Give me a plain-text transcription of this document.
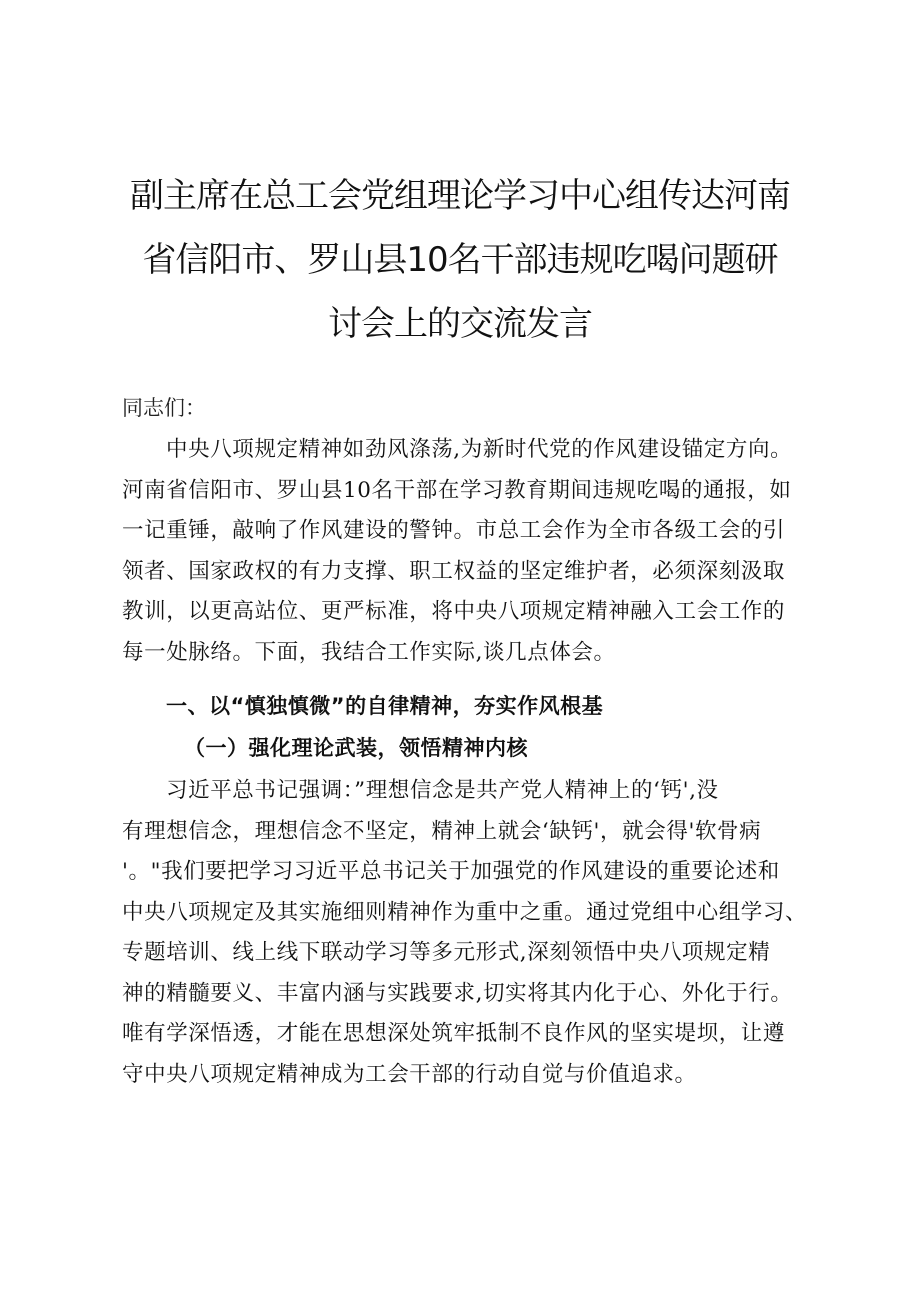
副主席在总工会党组理论学习中心组传达河南
省信阳市、罗山县10名干部违规吃喝问题研
讨会上的交流发言
同志们：
中央八项规定精神如劲风涤荡,为新时代党的作风建设锚定方向。
河南省信阳市、罗山县10名干部在学习教育期间违规吃喝的通报，如
一记重锤，敲响了作风建设的警钟。市总工会作为全市各级工会的引
领者、国家政权的有力支撑、职工权益的坚定维护者，必须深刻汲取
教训，以更高站位、更严标准，将中央八项规定精神融入工会工作的
每一处脉络。下面，我结合工作实际,谈几点体会。
一、以“慎独慎微”的自律精神，夯实作风根基
（一）强化理论武装，领悟精神内核
习近平总书记强调：”理想信念是共产党人精神上的‘钙',没
有理想信念，理想信念不坚定，精神上就会‘缺钙'，就会得'软骨病
'。"我们要把学习习近平总书记关于加强党的作风建设的重要论述和
中央八项规定及其实施细则精神作为重中之重。通过党组中心组学习、
专题培训、线上线下联动学习等多元形式,深刻领悟中央八项规定精
神的精髓要义、丰富内涵与实践要求,切实将其内化于心、外化于行。
唯有学深悟透，才能在思想深处筑牢抵制不良作风的坚实堤坝，让遵
守中央八项规定精神成为工会干部的行动自觉与价值追求。
